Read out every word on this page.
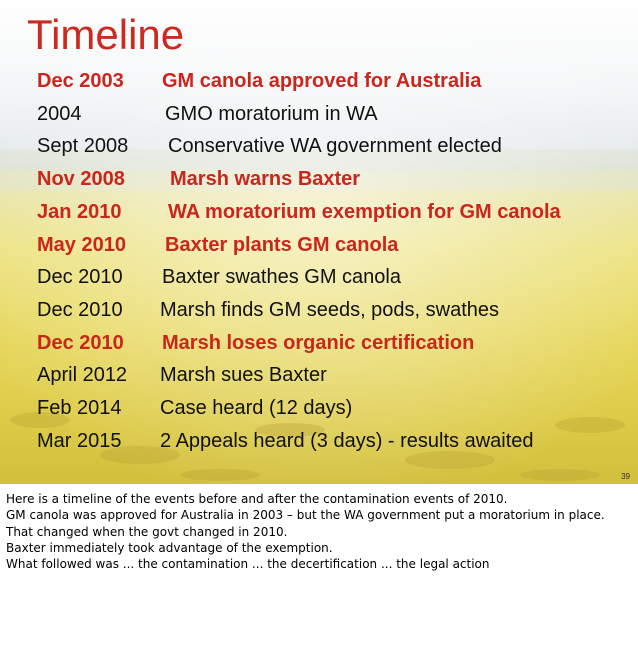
Timeline
Dec 2003 GM canola approved for Australia
2004	GMO moratorium in WA
Sept 2008 Conservative WA government elected
Nov 2008 Marsh warns Baxter
Jan 2010 WA moratorium exemption for GM canola
May 2010 Baxter plants GM canola
Dec 2010 Baxter swathes GM canola
Dec 2010 Marsh finds GM seeds, pods, swathes
Dec 2010 Marsh loses organic certification
April 2012 Marsh sues Baxter
Feb 2014 Case heard (12 days)
Mar 2015 2 Appeals heard (3 days) - results awaited
39

Here is a timeline of the events before and after the contamination events of 2010.

GM canola was approved for Australia in 2003 – but the WA government put a moratorium in place.

That changed when the govt changed in 2010.

Baxter immediately took advantage of the exemption.

What followed was ... the contamination ... the decertiﬁcation ... the legal action
